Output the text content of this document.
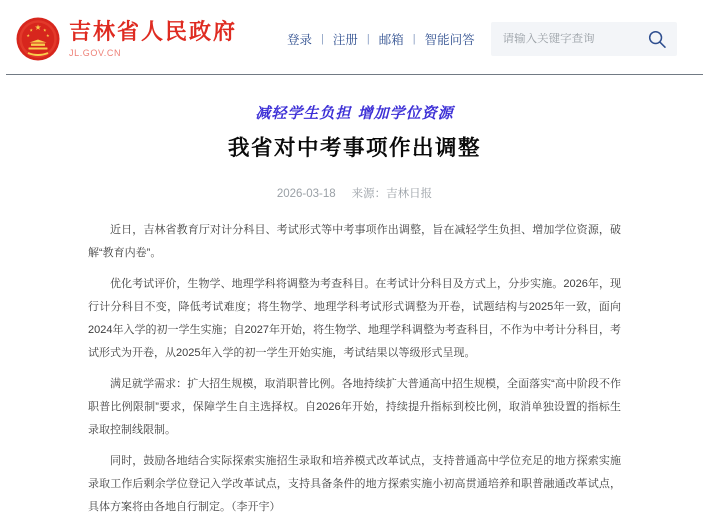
吉林省人民政府
JL.GOV.CN
登录 | 注册 | 邮箱 | 智能问答
请输入关键字查询
减轻学生负担 增加学位资源
我省对中考事项作出调整
2026-03-18 来源：吉林日报

近日，吉林省教育厅对计分科目、考试形式等中考事项作出调整，旨在减轻学生负担、增加学位资源，破解“教育内卷”。

优化考试评价，生物学、地理学科将调整为考查科目。在考试计分科目及方式上，分步实施。2026年，现行计分科目不变，降低考试难度；将生物学、地理学科考试形式调整为开卷，试题结构与2025年一致，面向2024年入学的初一学生实施；自2027年开始，将生物学、地理学科调整为考查科目，不作为中考计分科目，考试形式为开卷，从2025年入学的初一学生开始实施，考试结果以等级形式呈现。

满足就学需求：扩大招生规模，取消职普比例。各地持续扩大普通高中招生规模，全面落实“高中阶段不作职普比例限制”要求，保障学生自主选择权。自2026年开始，持续提升指标到校比例，取消单独设置的指标生录取控制线限制。

同时，鼓励各地结合实际探索实施招生录取和培养模式改革试点，支持普通高中学位充足的地方探索实施录取工作后剩余学位登记入学改革试点，支持具备条件的地方探索实施小初高贯通培养和职普融通改革试点，具体方案将由各地自行制定。（李开宇）
